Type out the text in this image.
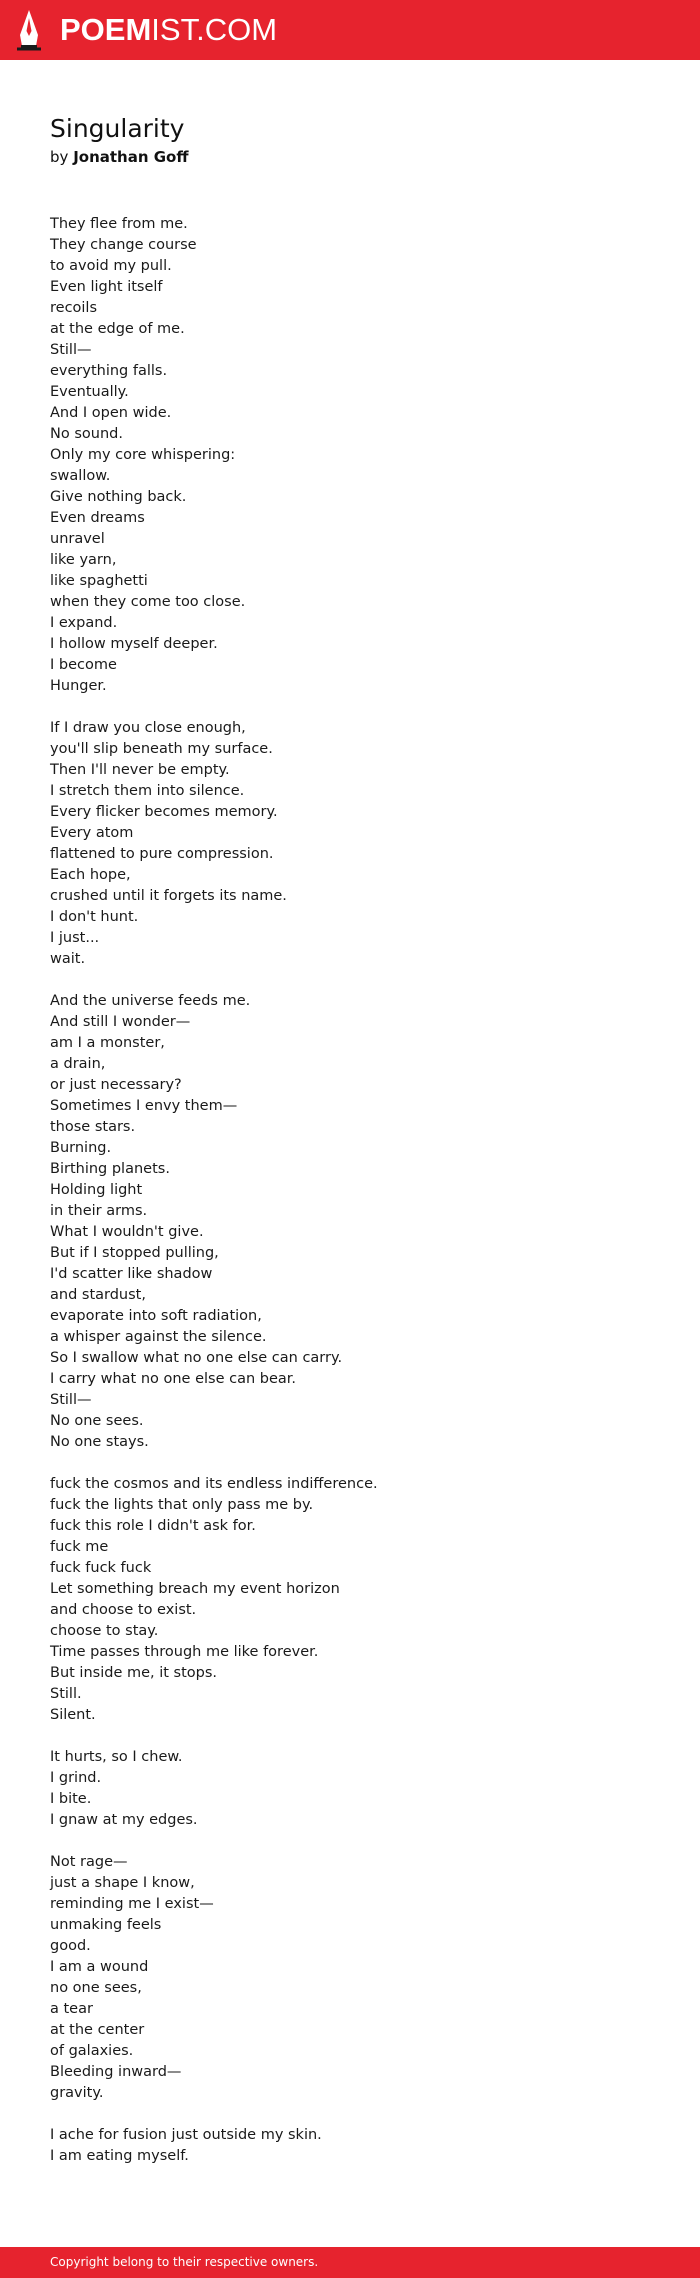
POEMIST.COM
Singularity

by Jonathan Goff

They flee from me.
They change course
to avoid my pull.
Even light itself
recoils
at the edge of me.
Still—
everything falls.
Eventually.
And I open wide.
No sound.
Only my core whispering:
swallow.
Give nothing back.
Even dreams
unravel
like yarn,
like spaghetti
when they come too close.
I expand.
I hollow myself deeper.
I become
Hunger.
If I draw you close enough,
you'll slip beneath my surface.
Then I'll never be empty.
I stretch them into silence.
Every flicker becomes memory.
Every atom
flattened to pure compression.
Each hope,
crushed until it forgets its name.
I don't hunt.
I just...
wait.
And the universe feeds me.
And still I wonder—
am I a monster,
a drain,
or just necessary?
Sometimes I envy them—
those stars.
Burning.
Birthing planets.
Holding light
in their arms.
What I wouldn't give.
But if I stopped pulling,
I'd scatter like shadow
and stardust,
evaporate into soft radiation,
a whisper against the silence.
So I swallow what no one else can carry.
I carry what no one else can bear.
Still—
No one sees.
No one stays.
fuck the cosmos and its endless indifference.
fuck the lights that only pass me by.
fuck this role I didn't ask for.
fuck me
fuck fuck fuck
Let something breach my event horizon
and choose to exist.
choose to stay.
Time passes through me like forever.
But inside me, it stops.
Still.
Silent.
It hurts, so I chew.
I grind.
I bite.
I gnaw at my edges.
Not rage—
just a shape I know,
reminding me I exist—
unmaking feels
good.
I am a wound
no one sees,
a tear
at the center
of galaxies.
Bleeding inward—
gravity.
I ache for fusion just outside my skin.
I am eating myself.
Copyright belong to their respective owners.
